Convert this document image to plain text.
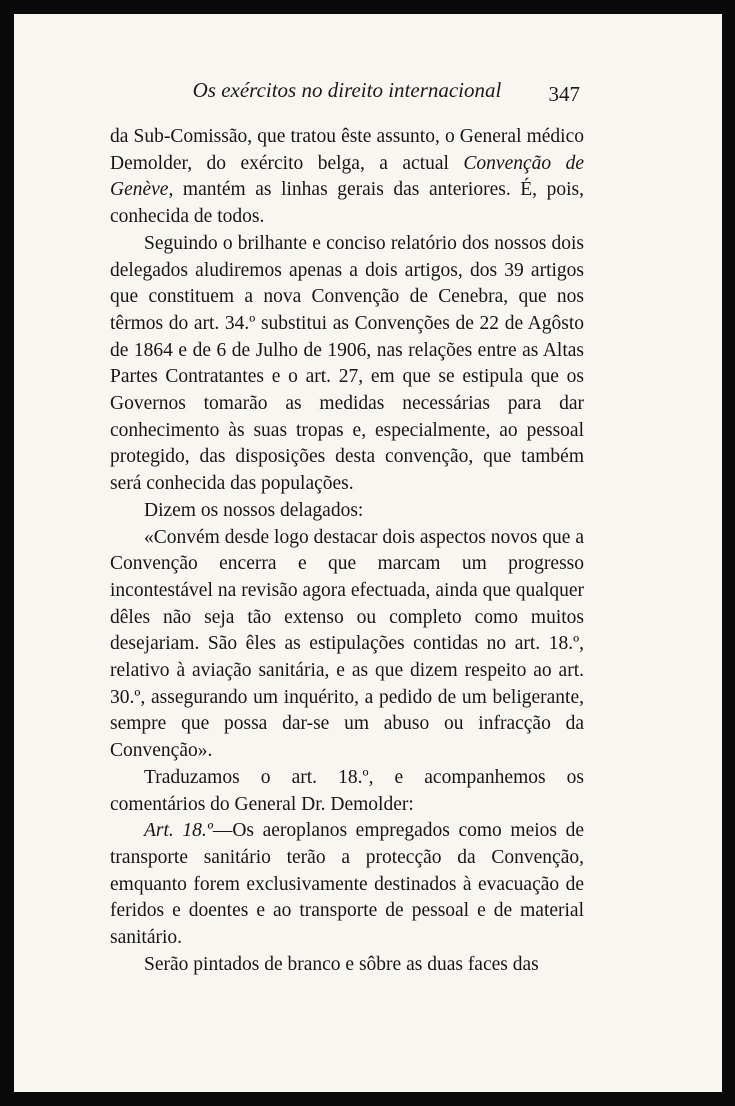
Os exércitos no direito internacional	347

da Sub-Comissão, que tratou êste assunto, o General médico Demolder, do exército belga, a actual Convenção de Genève, mantém as linhas gerais das anteriores. É, pois, conhecida de todos.

Seguindo o brilhante e conciso relatório dos nossos dois delegados aludiremos apenas a dois artigos, dos 39 artigos que constituem a nova Convenção de Cenebra, que nos têrmos do art. 34.º substitui as Convenções de 22 de Agôsto de 1864 e de 6 de Julho de 1906, nas relações entre as Altas Partes Contratantes e o art. 27, em que se estipula que os Governos tomarão as medidas necessárias para dar conhecimento às suas tropas e, especialmente, ao pessoal protegido, das disposições desta convenção, que também será conhecida das populações.

Dizem os nossos delagados:

«Convém desde logo destacar dois aspectos novos que a Convenção encerra e que marcam um progresso incontestável na revisão agora efectuada, ainda que qualquer dêles não seja tão extenso ou completo como muitos desejariam. São êles as estipulações contidas no art. 18.º, relativo à aviação sanitária, e as que dizem respeito ao art. 30.º, assegurando um inquérito, a pedido de um beligerante, sempre que possa dar-se um abuso ou infracção da Convenção».

Traduzamos o art. 18.º, e acompanhemos os comentários do General Dr. Demolder:

Art. 18.º—Os aeroplanos empregados como meios de transporte sanitário terão a protecção da Convenção, emquanto forem exclusivamente destinados à evacuação de feridos e doentes e ao transporte de pessoal e de material sanitário.

Serão pintados de branco e sôbre as duas faces das
